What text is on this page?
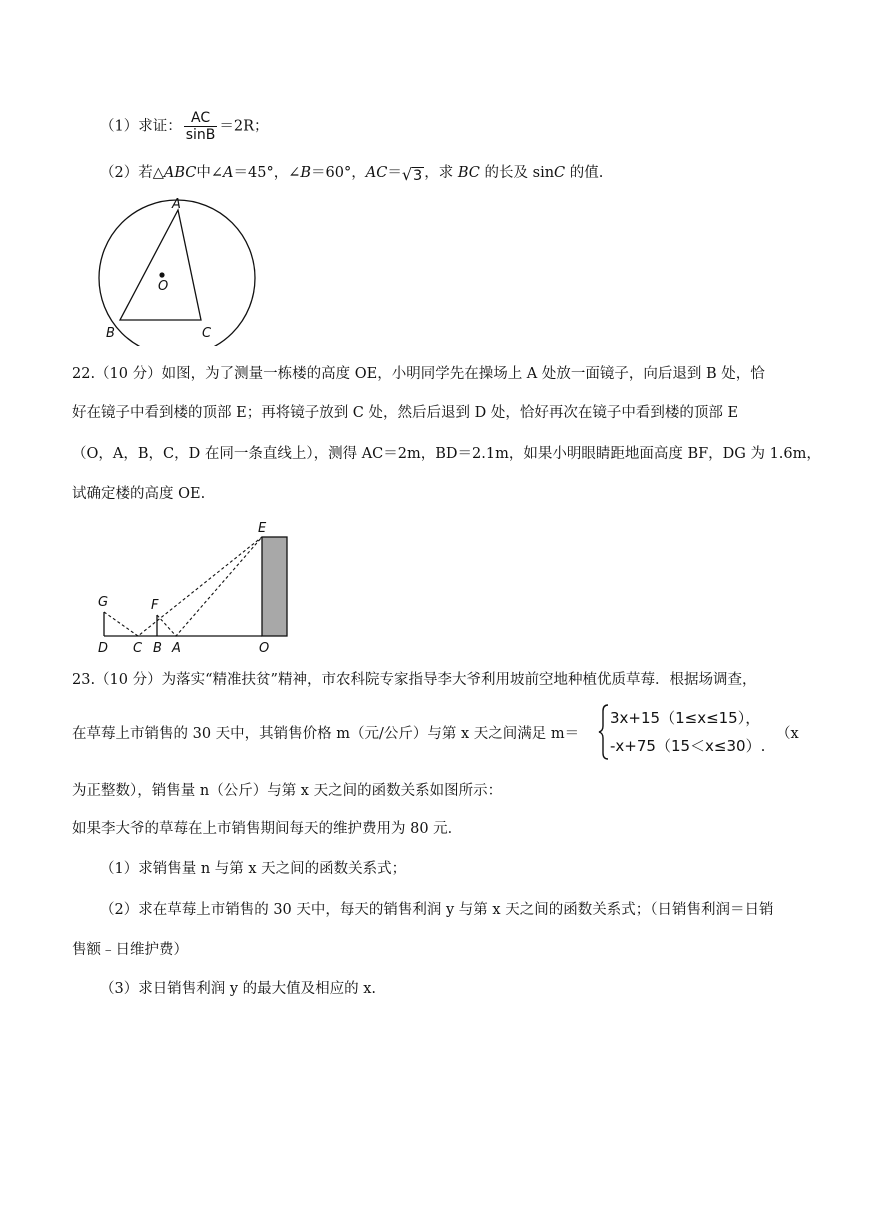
（1）求证： $\frac{AC}{\sin B} =2R$；
（2）若△ABC中∠A＝45°，∠B＝60°，AC＝ √ 3 ，求 BC 的长及 sinC 的值.
A
O
B	C
22.（10 分）如图，为了测量一栋楼的高度 OE，小明同学先在操场上 A 处放一面镜子，向后退到 B 处，恰
好在镜子中看到楼的顶部 E；再将镜子放到 C 处，然后后退到 D 处，恰好再次在镜子中看到楼的顶部 E
（O，A，B，C，D 在同一条直线上），测得 AC＝2m，BD＝2.1m，如果小明眼睛距地面高度 BF，DG 为 1.6m，
试确定楼的高度 OE.
E
G	F
D C B A	O
23.（10 分）为落实“精准扶贫”精神，市农科院专家指导李大爷利用坡前空地种植优质草莓．根据场调查，
在草莓上市销售的 30 天中，其销售价格 m（元/公斤）与第 x 天之间满足 m＝
3x+15（1≤x≤15），
-x+75（15＜x≤30）.
（x
为正整数），销售量 n（公斤）与第 x 天之间的函数关系如图所示：
如果李大爷的草莓在上市销售期间每天的维护费用为 80 元．
（1）求销售量 n 与第 x 天之间的函数关系式；
（2）求在草莓上市销售的 30 天中，每天的销售利润 y 与第 x 天之间的函数关系式；（日销售利润＝日销
售额﹣日维护费）
（3）求日销售利润 y 的最大值及相应的 x.
